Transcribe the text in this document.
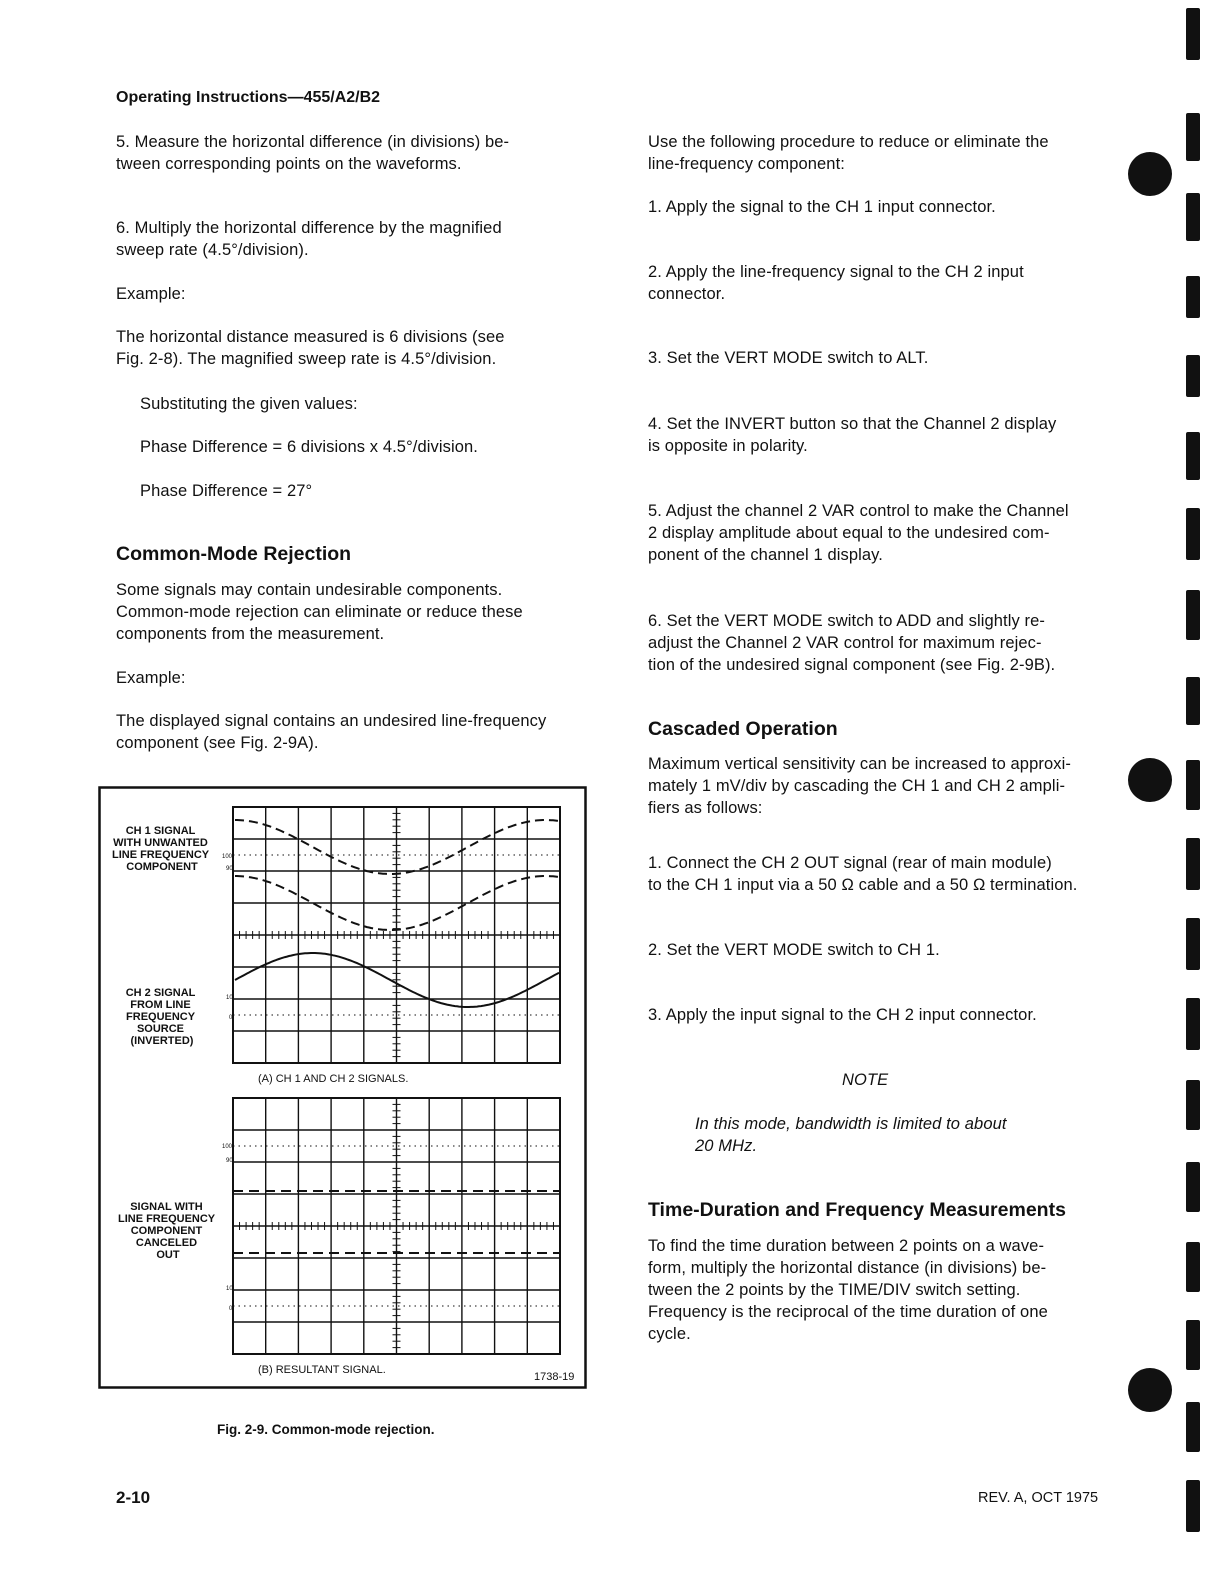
Operating Instructions—455/A2/B2
5. Measure the horizontal difference (in divisions) be-
tween corresponding points on the waveforms.
6. Multiply the horizontal difference by the magnified
sweep rate (4.5°/division).
Example:
The horizontal distance measured is 6 divisions (see
Fig. 2-8). The magnified sweep rate is 4.5°/division.
Substituting the given values:
Phase Difference = 6 divisions x 4.5°/division.
Phase Difference = 27°
Common-Mode Rejection
Some signals may contain undesirable components.
Common-mode rejection can eliminate or reduce these
components from the measurement.
Example:
The displayed signal contains an undesired line-frequency
component (see Fig. 2-9A).
CH 1 SIGNAL WITH UNWANTED LINE FREQUENCY COMPONENT
CH 2 SIGNAL FROM LINE FREQUENCY SOURCE (INVERTED)
SIGNAL WITH LINE FREQUENCY COMPONENT CANCELED OUT
100
90
10
0
100
90
10
0
(A) CH 1 AND CH 2 SIGNALS.
(B) RESULTANT SIGNAL.
1738-19
Fig. 2-9. Common-mode rejection.
Use the following procedure to reduce or eliminate the
line-frequency component:
1. Apply the signal to the CH 1 input connector.
2. Apply the line-frequency signal to the CH 2 input
connector.
3. Set the VERT MODE switch to ALT.
4. Set the INVERT button so that the Channel 2 display
is opposite in polarity.
5. Adjust the channel 2 VAR control to make the Channel
2 display amplitude about equal to the undesired com-
ponent of the channel 1 display.
6. Set the VERT MODE switch to ADD and slightly re-
adjust the Channel 2 VAR control for maximum rejec-
tion of the undesired signal component (see Fig. 2-9B).
Cascaded Operation
Maximum vertical sensitivity can be increased to approxi-
mately 1 mV/div by cascading the CH 1 and CH 2 ampli-
fiers as follows:
1. Connect the CH 2 OUT signal (rear of main module)
to the CH 1 input via a 50 Ω cable and a 50 Ω termination.
2. Set the VERT MODE switch to CH 1.
3. Apply the input signal to the CH 2 input connector.
NOTE
In this mode, bandwidth is limited to about
20 MHz.
Time-Duration and Frequency Measurements
To find the time duration between 2 points on a wave-
form, multiply the horizontal distance (in divisions) be-
tween the 2 points by the TIME/DIV switch setting.
Frequency is the reciprocal of the time duration of one
cycle.
2-10	REV. A, OCT 1975
